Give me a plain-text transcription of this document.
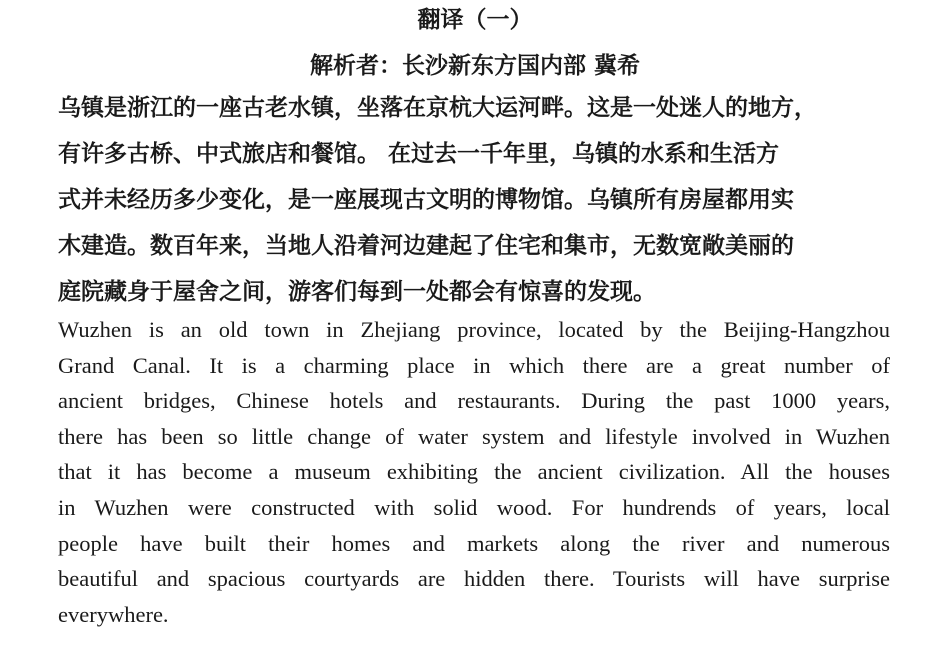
翻译（一）
解析者：长沙新东方国内部 冀希
乌镇是浙江的一座古老水镇，坐落在京杭大运河畔。这是一处迷人的地方，
有许多古桥、中式旅店和餐馆。 在过去一千年里，乌镇的水系和生活方
式并未经历多少变化，是一座展现古文明的博物馆。乌镇所有房屋都用实
木建造。数百年来，当地人沿着河边建起了住宅和集市，无数宽敞美丽的
庭院藏身于屋舍之间，游客们每到一处都会有惊喜的发现。
Wuzhen is an old town in Zhejiang province, located by the Beijing-Hangzhou
Grand Canal. It is a charming place in which there are a great number of
ancient bridges, Chinese hotels and restaurants. During the past 1000 years,
there has been so little change of water system and lifestyle involved in Wuzhen
that it has become a museum exhibiting the ancient civilization. All the houses
in Wuzhen were constructed with solid wood. For hundrends of years, local
people have built their homes and markets along the river and numerous
beautiful and spacious courtyards are hidden there. Tourists will have surprise
everywhere.
